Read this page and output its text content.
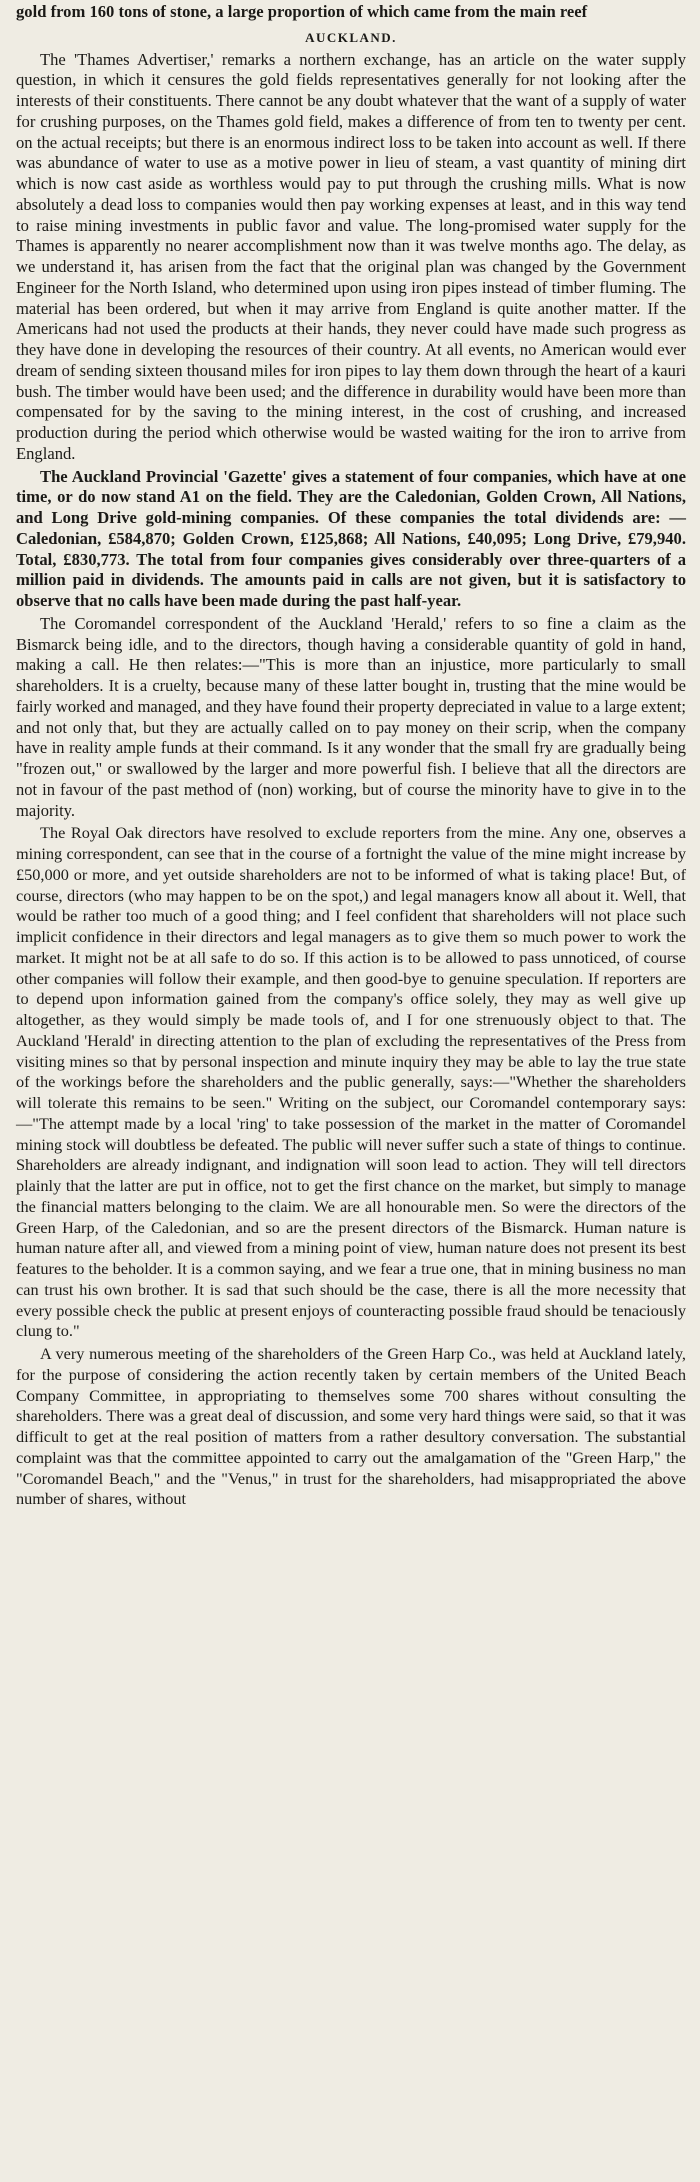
gold from 160 tons of stone, a large proportion of which came from the main reef
AUCKLAND.

The 'Thames Advertiser,' remarks a northern exchange, has an article on the water supply question, in which it censures the gold fields representatives generally for not looking after the interests of their constituents. There cannot be any doubt whatever that the want of a supply of water for crushing purposes, on the Thames gold field, makes a difference of from ten to twenty per cent. on the actual receipts; but there is an enormous indirect loss to be taken into account as well. If there was abundance of water to use as a motive power in lieu of steam, a vast quantity of mining dirt which is now cast aside as worthless would pay to put through the crushing mills. What is now absolutely a dead loss to companies would then pay working expenses at least, and in this way tend to raise mining investments in public favor and value. The long-promised water supply for the Thames is apparently no nearer accomplishment now than it was twelve months ago. The delay, as we understand it, has arisen from the fact that the original plan was changed by the Government Engineer for the North Island, who determined upon using iron pipes instead of timber fluming. The material has been ordered, but when it may arrive from England is quite another matter. If the Americans had not used the products at their hands, they never could have made such progress as they have done in developing the resources of their country. At all events, no American would ever dream of sending sixteen thousand miles for iron pipes to lay them down through the heart of a kauri bush. The timber would have been used; and the difference in durability would have been more than compensated for by the saving to the mining interest, in the cost of crushing, and increased production during the period which otherwise would be wasted waiting for the iron to arrive from England.

The Auckland Provincial 'Gazette' gives a statement of four companies, which have at one time, or do now stand A1 on the field. They are the Caledonian, Golden Crown, All Nations, and Long Drive gold-mining companies. Of these companies the total dividends are: —Caledonian, £584,870; Golden Crown, £125,868; All Nations, £40,095; Long Drive, £79,940. Total, £830,773. The total from four companies gives considerably over three-quarters of a million paid in dividends. The amounts paid in calls are not given, but it is satisfactory to observe that no calls have been made during the past half-year.

The Coromandel correspondent of the Auckland 'Herald,' refers to so fine a claim as the Bismarck being idle, and to the directors, though having a considerable quantity of gold in hand, making a call. He then relates:—"This is more than an injustice, more particularly to small shareholders. It is a cruelty, because many of these latter bought in, trusting that the mine would be fairly worked and managed, and they have found their property depreciated in value to a large extent; and not only that, but they are actually called on to pay money on their scrip, when the company have in reality ample funds at their command. Is it any wonder that the small fry are gradually being "frozen out," or swallowed by the larger and more powerful fish. I believe that all the directors are not in favour of the past method of (non) working, but of course the minority have to give in to the majority.

The Royal Oak directors have resolved to exclude reporters from the mine. Any one, observes a mining correspondent, can see that in the course of a fortnight the value of the mine might increase by £50,000 or more, and yet outside shareholders are not to be informed of what is taking place! But, of course, directors (who may happen to be on the spot,) and legal managers know all about it. Well, that would be rather too much of a good thing; and I feel confident that shareholders will not place such implicit confidence in their directors and legal managers as to give them so much power to work the market. It might not be at all safe to do so. If this action is to be allowed to pass unnoticed, of course other companies will follow their example, and then good-bye to genuine speculation. If reporters are to depend upon information gained from the company's office solely, they may as well give up altogether, as they would simply be made tools of, and I for one strenuously object to that. The Auckland 'Herald' in directing attention to the plan of excluding the representatives of the Press from visiting mines so that by personal inspection and minute inquiry they may be able to lay the true state of the workings before the shareholders and the public generally, says:—"Whether the shareholders will tolerate this remains to be seen." Writing on the subject, our Coromandel contemporary says:—"The attempt made by a local 'ring' to take possession of the market in the matter of Coromandel mining stock will doubtless be defeated. The public will never suffer such a state of things to continue. Shareholders are already indignant, and indignation will soon lead to action. They will tell directors plainly that the latter are put in office, not to get the first chance on the market, but simply to manage the financial matters belonging to the claim. We are all honourable men. So were the directors of the Green Harp, of the Caledonian, and so are the present directors of the Bismarck. Human nature is human nature after all, and viewed from a mining point of view, human nature does not present its best features to the beholder. It is a common saying, and we fear a true one, that in mining business no man can trust his own brother. It is sad that such should be the case, there is all the more necessity that every possible check the public at present enjoys of counteracting possible fraud should be tenaciously clung to."

A very numerous meeting of the shareholders of the Green Harp Co., was held at Auckland lately, for the purpose of considering the action recently taken by certain members of the United Beach Company Committee, in appropriating to themselves some 700 shares without consulting the shareholders. There was a great deal of discussion, and some very hard things were said, so that it was difficult to get at the real position of matters from a rather desultory conversation. The substantial complaint was that the committee appointed to carry out the amalgamation of the "Green Harp," the "Coromandel Beach," and the "Venus," in trust for the shareholders, had misappropriated the above number of shares, without
